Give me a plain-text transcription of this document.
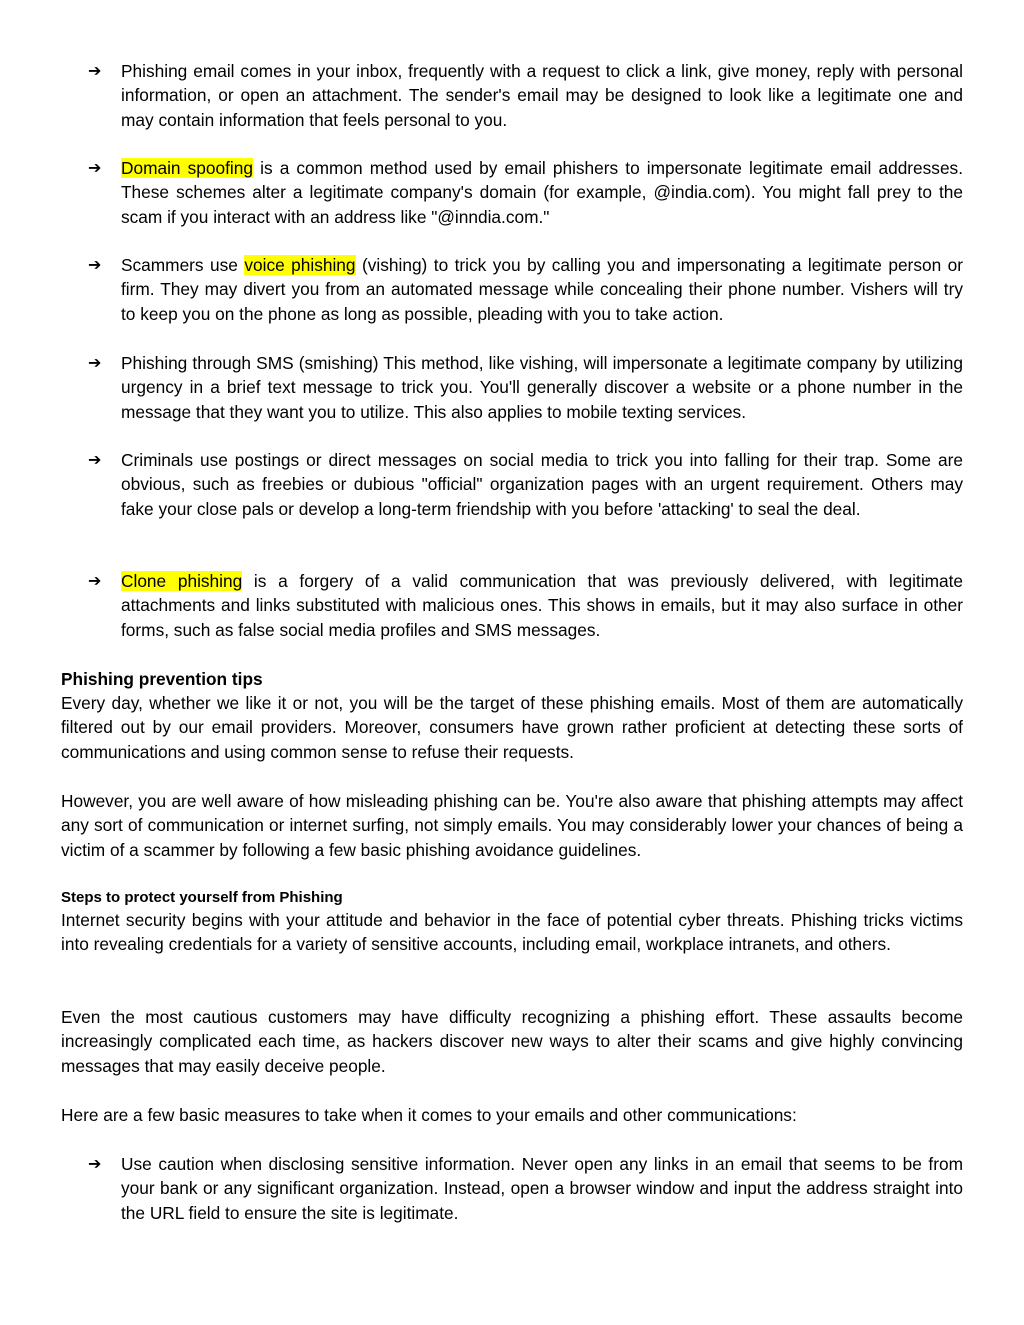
➔	Phishing email comes in your inbox, frequently with a request to click a link, give money, reply with personal information, or open an attachment. The sender's email may be designed to look like a legitimate one and may contain information that feels personal to you.
➔	Domain spoofing is a common method used by email phishers to impersonate legitimate email addresses. These schemes alter a legitimate company's domain (for example, @india.com). You might fall prey to the scam if you interact with an address like "@inndia.com."
➔	Scammers use voice phishing (vishing) to trick you by calling you and impersonating a legitimate person or firm. They may divert you from an automated message while concealing their phone number. Vishers will try to keep you on the phone as long as possible, pleading with you to take action.
➔	Phishing through SMS (smishing) This method, like vishing, will impersonate a legitimate company by utilizing urgency in a brief text message to trick you. You'll generally discover a website or a phone number in the message that they want you to utilize. This also applies to mobile texting services.
➔	Criminals use postings or direct messages on social media to trick you into falling for their trap. Some are obvious, such as freebies or dubious "official" organization pages with an urgent requirement. Others may fake your close pals or develop a long-term friendship with you before 'attacking' to seal the deal.
➔	Clone phishing is a forgery of a valid communication that was previously delivered, with legitimate attachments and links substituted with malicious ones. This shows in emails, but it may also surface in other forms, such as false social media profiles and SMS messages.
Phishing prevention tips
Every day, whether we like it or not, you will be the target of these phishing emails. Most of them are automatically filtered out by our email providers. Moreover, consumers have grown rather proficient at detecting these sorts of communications and using common sense to refuse their requests.
However, you are well aware of how misleading phishing can be. You're also aware that phishing attempts may affect any sort of communication or internet surfing, not simply emails. You may considerably lower your chances of being a victim of a scammer by following a few basic phishing avoidance guidelines.
Steps to protect yourself from Phishing
Internet security begins with your attitude and behavior in the face of potential cyber threats. Phishing tricks victims into revealing credentials for a variety of sensitive accounts, including email, workplace intranets, and others.
Even the most cautious customers may have difficulty recognizing a phishing effort. These assaults become increasingly complicated each time, as hackers discover new ways to alter their scams and give highly convincing messages that may easily deceive people.
Here are a few basic measures to take when it comes to your emails and other communications:
➔	Use caution when disclosing sensitive information. Never open any links in an email that seems to be from your bank or any significant organization. Instead, open a browser window and input the address straight into the URL field to ensure the site is legitimate.
